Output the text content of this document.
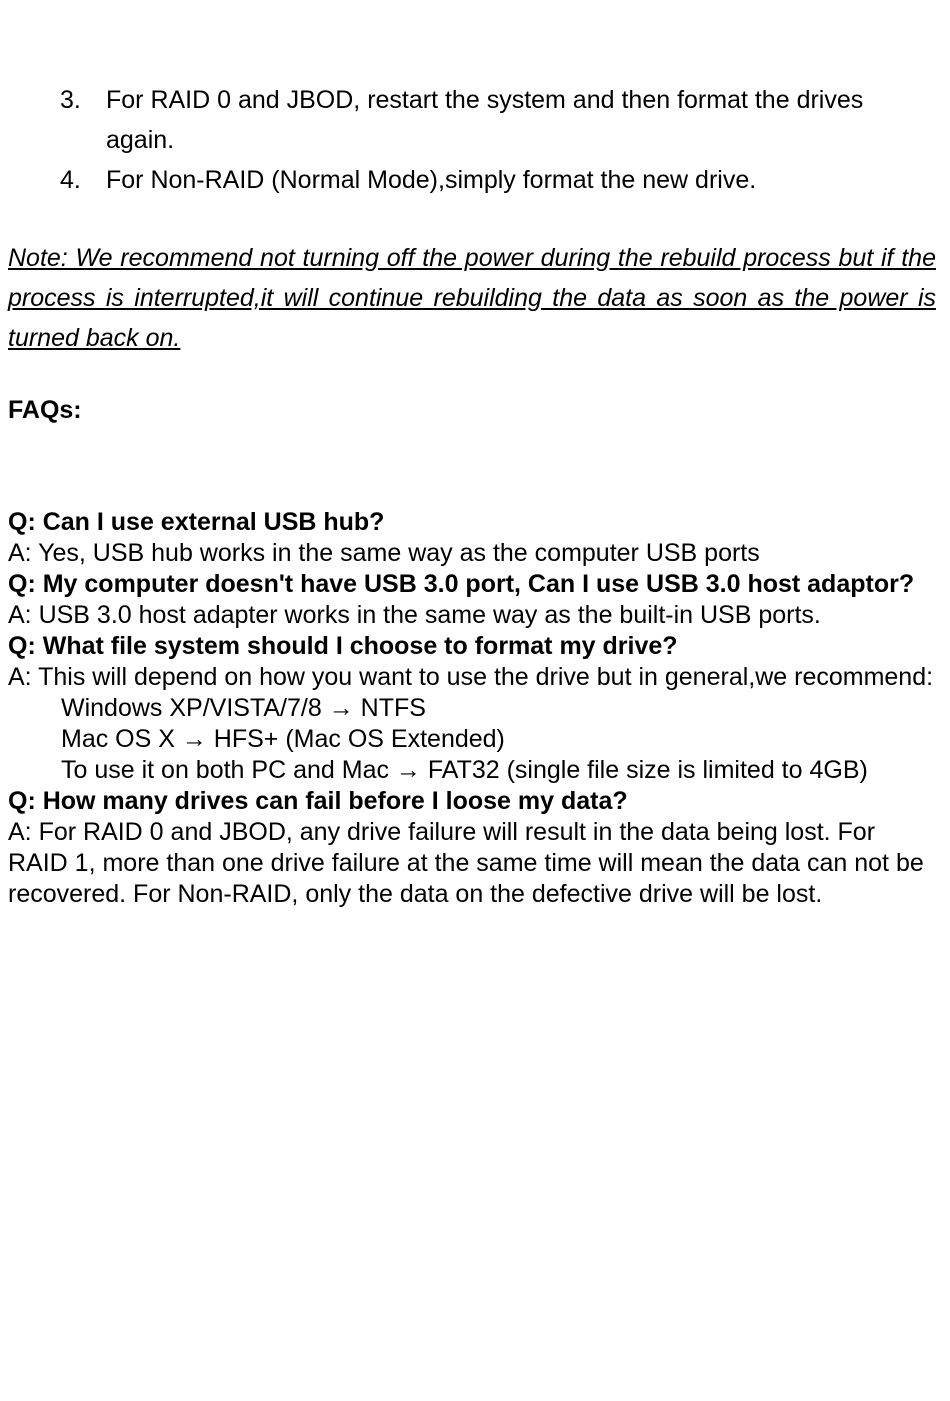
3.	For RAID 0 and JBOD, restart the system and then format the drives again.
4.	For Non-RAID (Normal Mode),simply format the new drive.
Note: We recommend not turning off the power during the rebuild process but if the process is interrupted,it will continue rebuilding the data as soon as the power is turned back on.
FAQs:
Q: Can I use external USB hub?
A: Yes, USB hub works in the same way as the computer USB ports
Q: My computer doesn't have USB 3.0 port, Can I use USB 3.0 host adaptor?
A: USB 3.0 host adapter works in the same way as the built-in USB ports.
Q: What file system should I choose to format my drive?
A: This will depend on how you want to use the drive but in general,we recommend:
Windows XP/VISTA/7/8 → NTFS
Mac OS X → HFS+ (Mac OS Extended)
To use it on both PC and Mac → FAT32 (single file size is limited to 4GB)
Q: How many drives can fail before I loose my data?
A: For RAID 0 and JBOD, any drive failure will result in the data being lost. For RAID 1, more than one drive failure at the same time will mean the data can not be recovered. For Non-RAID, only the data on the defective drive will be lost.
